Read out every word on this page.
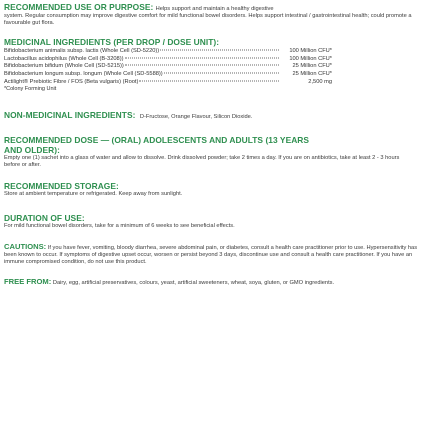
RECOMMENDED USE OR PURPOSE: Helps support and maintain a healthy digestive
system. Regular consumption may improve digestive comfort for mild functional bowel disorders. Helps support intestinal / gastrointestinal health; could promote a favourable gut flora.
MEDICINAL INGREDIENTS (PER DROP / DOSE UNIT):
Bifidobacterium animalis subsp. lactis (Whole Cell (SD-5220))	100 Million CFU*
Lactobacillus acidophilus (Whole Cell (B-3208))	100 Million CFU*
Bifidobacterium bifidum (Whole Cell (SD-5215))	25 Million CFU*
Bifidobacterium longum subsp. longum (Whole Cell (SD-5588))	25 Million CFU*
Actilight® Prebiotic Fibre / FOS (Beta vulgaris) (Root)	2,500 mg
*Colony Forming Unit
NON-MEDICINAL INGREDIENTS: D-Fructose, Orange Flavour, Silicon Dioxide.
RECOMMENDED DOSE — (ORAL) ADOLESCENTS AND ADULTS (13 YEARS
AND OLDER):
Empty one (1) sachet into a glass of water and allow to dissolve. Drink dissolved powder; take 2 times a day. If you are on antibiotics, take at least 2 - 3 hours before or after.
RECOMMENDED STORAGE:
Store at ambient temperature or refrigerated. Keep away from sunlight.
DURATION OF USE:
For mild functional bowel disorders, take for a minimum of 6 weeks to see beneficial effects.
CAUTIONS: If you have fever, vomiting, bloody diarrhea, severe abdominal pain, or diabetes, consult a health care practitioner prior to use. Hypersensitivity has been known to occur. If symptoms of digestive upset occur, worsen or persist beyond 3 days, discontinue use and consult a health care practitioner. If you have an immune compromised condition, do not use this product.
FREE FROM: Dairy, egg, artificial preservatives, colours, yeast, artificial sweeteners, wheat, soya, gluten, or GMO ingredients.
